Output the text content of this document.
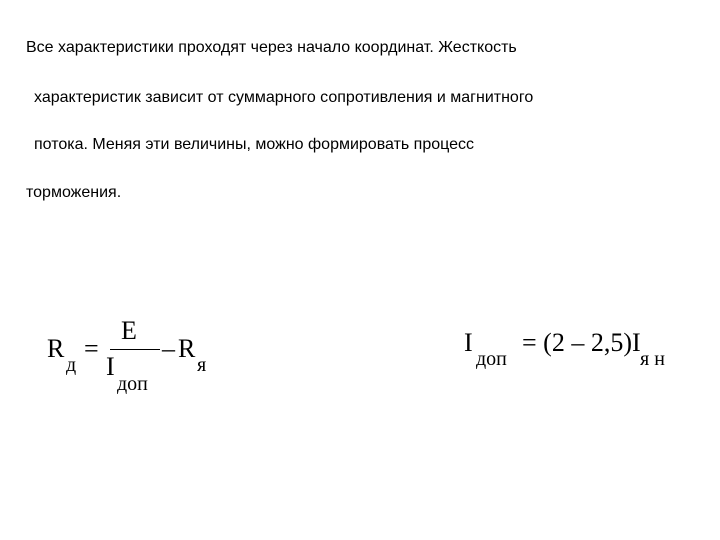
Все характеристики проходят через начало координат. Жесткость
характеристик зависит от суммарного сопротивления и магнитного
потока. Меняя эти величины, можно формировать процесс
торможения.
R
д
=
E
I
доп
– R
я
I
доп
= (2 – 2,5)I
я н
